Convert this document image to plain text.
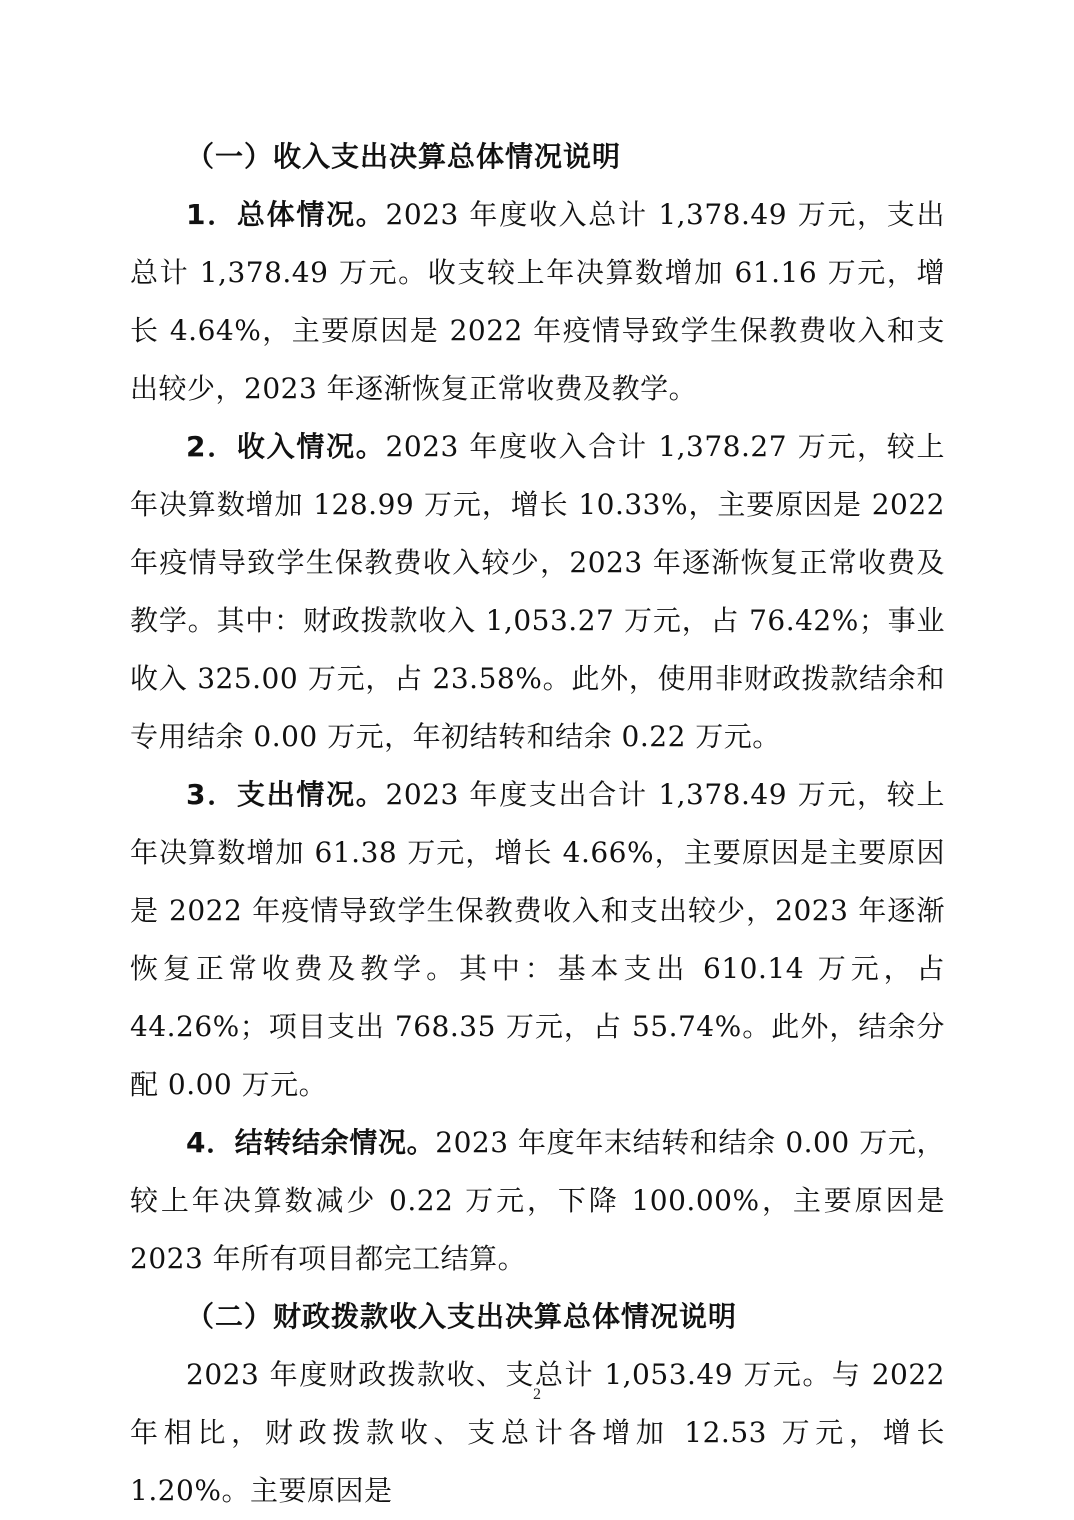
（一）收入支出决算总体情况说明

1．总体情况。2023 年度收入总计 1,378.49 万元，支出总计 1,378.49 万元。收支较上年决算数增加 61.16 万元，增长 4.64%，主要原因是 2022 年疫情导致学生保教费收入和支出较少，2023 年逐渐恢复正常收费及教学。

2．收入情况。2023 年度收入合计 1,378.27 万元，较上年决算数增加 128.99 万元，增长 10.33%，主要原因是 2022 年疫情导致学生保教费收入较少，2023 年逐渐恢复正常收费及教学。其中：财政拨款收入 1,053.27 万元，占 76.42%；事业收入 325.00 万元，占 23.58%。此外，使用非财政拨款结余和专用结余 0.00 万元，年初结转和结余 0.22 万元。

3．支出情况。2023 年度支出合计 1,378.49 万元，较上年决算数增加 61.38 万元，增长 4.66%，主要原因是主要原因是 2022 年疫情导致学生保教费收入和支出较少，2023 年逐渐恢复正常收费及教学。其中：基本支出 610.14 万元，占 44.26%；项目支出 768.35 万元，占 55.74%。此外，结余分配 0.00 万元。

4．结转结余情况。2023 年度年末结转和结余 0.00 万元，较上年决算数减少 0.22 万元，下降 100.00%，主要原因是 2023 年所有项目都完工结算。

（二）财政拨款收入支出决算总体情况说明

2023 年度财政拨款收、支总计 1,053.49 万元。与 2022 年相比，财政拨款收、支总计各增加 12.53 万元，增长 1.20%。主要原因是

2
